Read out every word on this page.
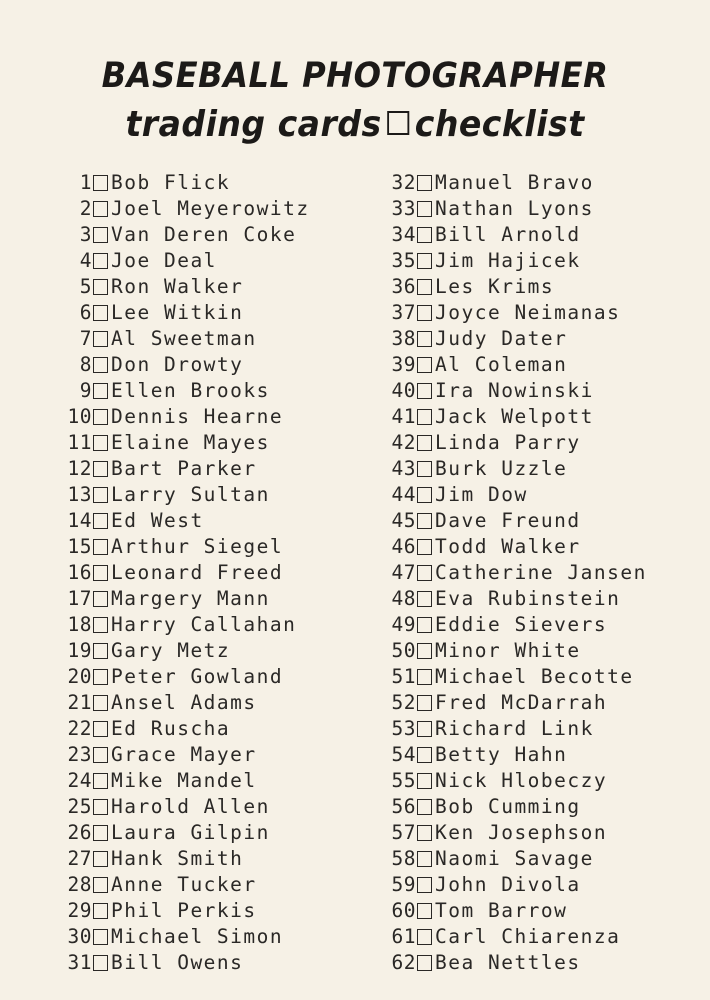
BASEBALL PHOTOGRAPHER
trading cards checklist
1 Bob Flick
2 Joel Meyerowitz
3 Van Deren Coke
4 Joe Deal
5 Ron Walker
6 Lee Witkin
7 Al Sweetman
8 Don Drowty
9 Ellen Brooks
10 Dennis Hearne
11 Elaine Mayes
12 Bart Parker
13 Larry Sultan
14 Ed West
15 Arthur Siegel
16 Leonard Freed
17 Margery Mann
18 Harry Callahan
19 Gary Metz
20 Peter Gowland
21 Ansel Adams
22 Ed Ruscha
23 Grace Mayer
24 Mike Mandel
25 Harold Allen
26 Laura Gilpin
27 Hank Smith
28 Anne Tucker
29 Phil Perkis
30 Michael Simon
31 Bill Owens
32 Manuel Bravo
33 Nathan Lyons
34 Bill Arnold
35 Jim Hajicek
36 Les Krims
37 Joyce Neimanas
38 Judy Dater
39 Al Coleman
40 Ira Nowinski
41 Jack Welpott
42 Linda Parry
43 Burk Uzzle
44 Jim Dow
45 Dave Freund
46 Todd Walker
47 Catherine Jansen
48 Eva Rubinstein
49 Eddie Sievers
50 Minor White
51 Michael Becotte
52 Fred McDarrah
53 Richard Link
54 Betty Hahn
55 Nick Hlobeczy
56 Bob Cumming
57 Ken Josephson
58 Naomi Savage
59 John Divola
60 Tom Barrow
61 Carl Chiarenza
62 Bea Nettles
